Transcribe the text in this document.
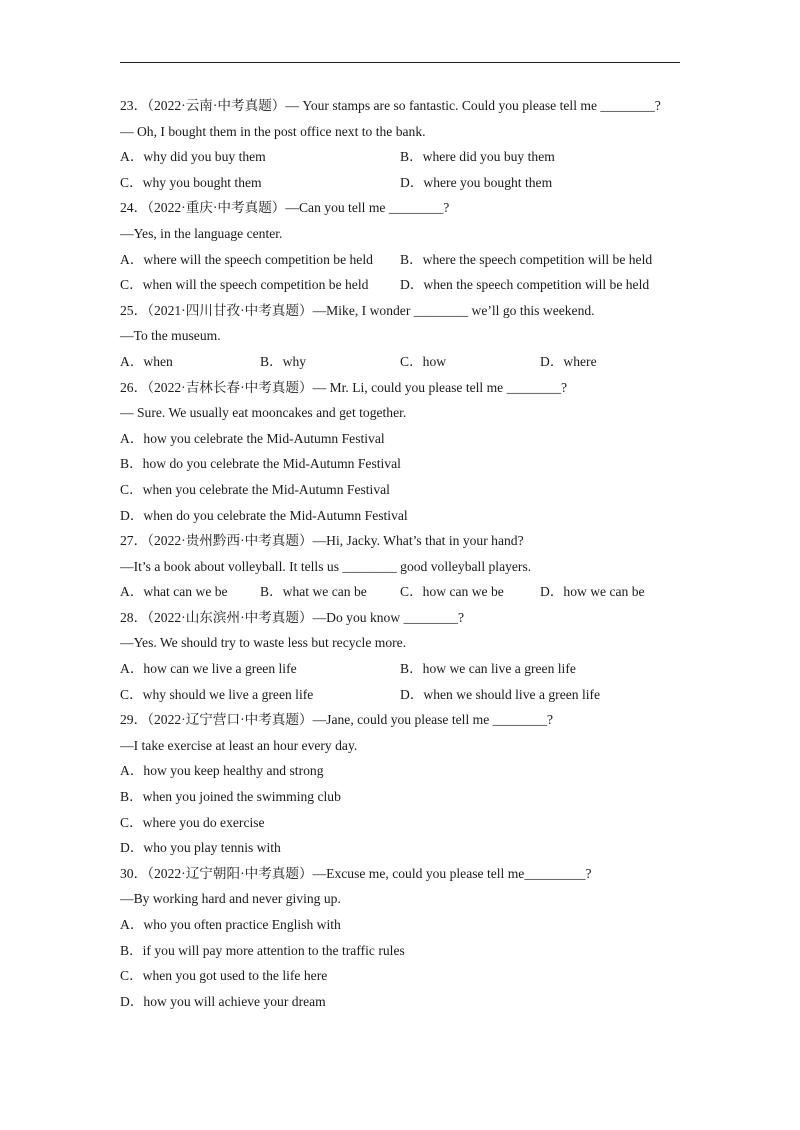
23．（2022·云南·中考真题）— Your stamps are so fantastic. Could you please tell me ________?
— Oh, I bought them in the post office next to the bank.
A．why did you buy them	B．where did you buy them
C．why you bought them	D．where you bought them
24．（2022·重庆·中考真题）—Can you tell me ________?
—Yes, in the language center.
A．where will the speech competition be held B．where the speech competition will be held
C．when will the speech competition be held D．when the speech competition will be held
25．（2021·四川甘孜·中考真题）—Mike, I wonder ________ we’ll go this weekend.
—To the museum.
A．when	B．why	C．how	D．where
26．（2022·吉林长春·中考真题）— Mr. Li, could you please tell me ________?
— Sure. We usually eat mooncakes and get together.
A．how you celebrate the Mid-Autumn Festival
B．how do you celebrate the Mid-Autumn Festival
C．when you celebrate the Mid-Autumn Festival
D．when do you celebrate the Mid-Autumn Festival
27．（2022·贵州黔西·中考真题）—Hi, Jacky. What’s that in your hand?
—It’s a book about volleyball. It tells us ________ good volleyball players.
A．what can we be B．what we can be C．how can we be	D．how we can be
28．（2022·山东滨州·中考真题）—Do you know ________?
—Yes. We should try to waste less but recycle more.
A．how can we live a green life	B．how we can live a green life
C．why should we live a green life	D．when we should live a green life
29．（2022·辽宁营口·中考真题）—Jane, could you please tell me ________?
—I take exercise at least an hour every day.
A．how you keep healthy and strong
B．when you joined the swimming club
C．where you do exercise
D．who you play tennis with
30．（2022·辽宁朝阳·中考真题）—Excuse me, could you please tell me_________?
—By working hard and never giving up.
A．who you often practice English with
B．if you will pay more attention to the traffic rules
C．when you got used to the life here
D．how you will achieve your dream
